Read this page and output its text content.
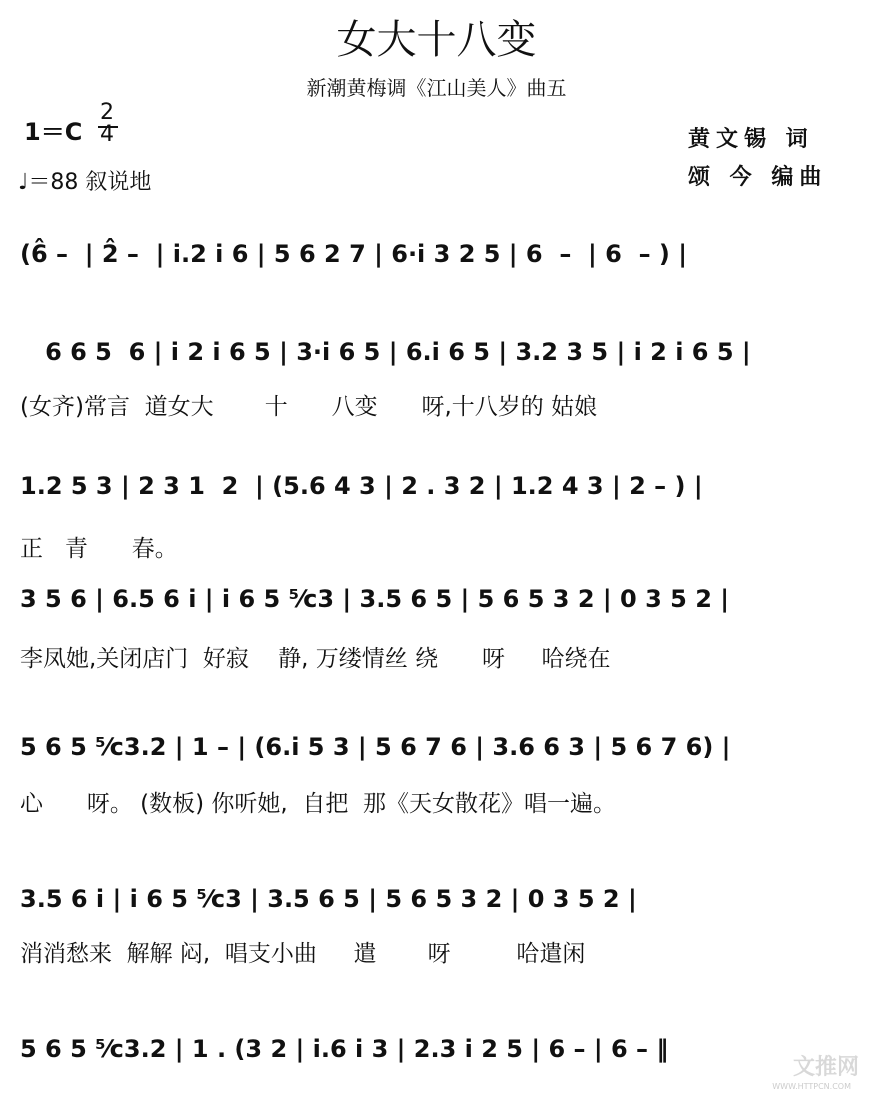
女大十八变
新潮黄梅调《江山美人》曲五
1＝C
2
4
♩＝88 叙说地
黄文锡 词
颂 今 编曲
(6̂ –  | 2̂ –  | i.2 i 6 | 5 6 2 7 | 6·i 3 2 5 | 6  –  | 6  – ) |
6 6 5  6 | i 2 i 6 5 | 3·i 6 5 | 6.i 6 5 | 3.2 3 5 | i 2 i 6 5 |
(女齐)常言  道女大       十      八变      呀,十八岁的 姑娘
1.2 5 3 | 2 3 1  2  | (5.6 4 3 | 2 . 3 2 | 1.2 4 3 | 2 – ) |
正   青      春。
3 5 6 | 6.5 6 i | i 6 5 ⁵⁄c3 | 3.5 6 5 | 5 6 5 3 2 | 0 3 5 2 |
李凤她,关闭店门  好寂    静, 万缕情丝 绕      呀     哈绕在
5 6 5 ⁵⁄c3.2 | 1 – | (6.i 5 3 | 5 6 7 6 | 3.6 6 3 | 5 6 7 6) |
心      呀。 (数板) 你听她,  自把  那《天女散花》唱一遍。
3.5 6 i | i 6 5 ⁵⁄c3 | 3.5 6 5 | 5 6 5 3 2 | 0 3 5 2 |
消消愁来  解解 闷,  唱支小曲     遣       呀         哈遣闲
5 6 5 ⁵⁄c3.2 | 1 . (3 2 | i.6 i 3 | 2.3 i 2 5 | 6 – | 6 – ‖
文推网
WWW.HTTPCN.COM
